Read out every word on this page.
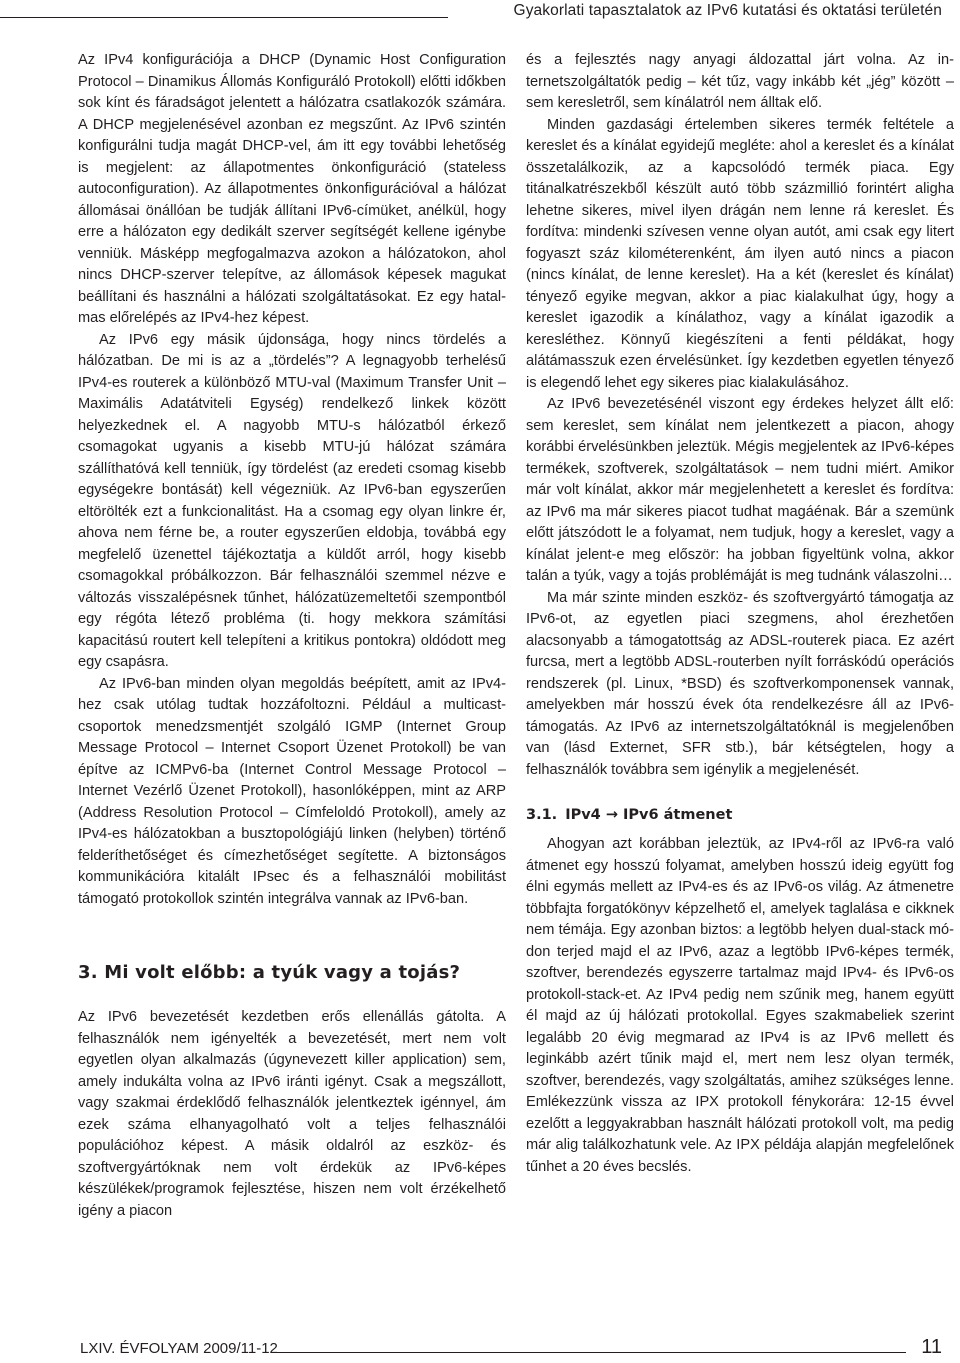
Gyakorlati tapasztalatok az IPv6 kutatási és oktatási területén

Az IPv4 konfigurációja a DHCP (Dynamic Host Configuration Protocol – Dinamikus Állomás Konfiguráló Protokoll) előtti időkben sok kínt és fáradságot jelentett a hálózatra csatlakozók számára. A DHCP megjelenésével azonban ez megszűnt. Az IPv6 szintén konfigurálni tudja magát DHCP-vel, ám itt egy további lehetőség is megjelent: az állapotmentes önkonfiguráció (stateless autoconfiguration). Az állapotmentes önkonfigurációval a hálózat állomásai önállóan be tudják állítani IPv6-címüket, anélkül, hogy erre a hálózaton egy dedikált szerver segítségét kellene igénybe venniük. Másképp megfogalmazva azokon a hálózatokon, ahol nincs DHCP-szerver telepítve, az állomások képesek magukat beállítani és használni a hálózati szolgáltatásokat. Ez egy hatalmas előrelépés az IPv4-hez képest.

Az IPv6 egy másik újdonsága, hogy nincs tördelés a hálózatban. De mi is az a „tördelés”? A legnagyobb terhelésű IPv4-es routerek a különböző MTU-val (Maximum Transfer Unit – Maximális Adatátviteli Egység) rendelkező linkek között helyezkednek el. A nagyobb MTU-s hálózatból érkező csomagokat ugyanis a kisebb MTU-jú hálózat számára szállíthatóvá kell tenniük, így tördelést (az eredeti csomag kisebb egységekre bontását) kell végezniük. Az IPv6-ban egyszerűen eltörölték ezt a funkcionalitást. Ha a csomag egy olyan linkre ér, ahova nem férne be, a router egyszerűen eldobja, továbbá egy megfelelő üzenettel tájékoztatja a küldőt arról, hogy kisebb csomagokkal próbálkozzon. Bár felhasználói szemmel nézve e változás visszalépésnek tűnhet, hálózatüzemeltetői szempontból egy régóta létező probléma (ti. hogy mekkora számítási kapacitású routert kell telepíteni a kritikus pontokra) oldódott meg egy csapásra.

Az IPv6-ban minden olyan megoldás beépített, amit az IPv4-hez csak utólag tudtak hozzáfoltozni. Például a multicast-csoportok menedzsmentjét szolgáló IGMP (Internet Group Message Protocol – Internet Csoport Üzenet Protokoll) be van építve az ICMPv6-ba (Internet Control Message Protocol – Internet Vezérlő Üzenet Protokoll), hasonlóképpen, mint az ARP (Address Resolution Protocol – Címfeloldó Protokoll), amely az IPv4-es hálózatokban a busztopológiájú linken (helyben) történő felderíthetőséget és címezhetőséget segítette. A biztonságos kommunikációra kitalált IPsec és a felhasználói mobilitást támogató protokollok szintén integrálva vannak az IPv6-ban.

3. Mi volt előbb: a tyúk vagy a tojás?

Az IPv6 bevezetését kezdetben erős ellenállás gátolta. A felhasználók nem igényelték a bevezetését, mert nem volt egyetlen olyan alkalmazás (úgynevezett killer application) sem, amely indukálta volna az IPv6 iránti igényt. Csak a megszállott, vagy szakmai érdeklődő felhasználók jelentkeztek igénnyel, ám ezek száma elhanyagolható volt a teljes felhasználói populációhoz képest. A másik oldalról az eszköz- és szoftvergyártóknak nem volt érdekük az IPv6-képes készülékek/programok fejlesztése, hiszen nem volt érzékelhető igény a piacon

és a fejlesztés nagy anyagi áldozattal járt volna. Az internetszolgáltatók pedig – két tűz, vagy inkább két „jég” között – sem keresletről, sem kínálatról nem álltak elő.

Minden gazdasági értelemben sikeres termék feltétele a kereslet és a kínálat egyidejű megléte: ahol a kereslet és a kínálat összetalálkozik, az a kapcsolódó termék piaca. Egy titánalkatrészekből készült autó több százmillió forintért aligha lehetne sikeres, mivel ilyen drágán nem lenne rá kereslet. És fordítva: mindenki szívesen venne olyan autót, ami csak egy litert fogyaszt száz kilométerenként, ám ilyen autó nincs a piacon (nincs kínálat, de lenne kereslet). Ha a két (kereslet és kínálat) tényező egyike megvan, akkor a piac kialakulhat úgy, hogy a kereslet igazodik a kínálathoz, vagy a kínálat igazodik a keresléthez. Könnyű kiegészíteni a fenti példákat, hogy alátámasszuk ezen érvelésünket. Így kezdetben egyetlen tényező is elegendő lehet egy sikeres piac kialakulásához.

Az IPv6 bevezetésénél viszont egy érdekes helyzet állt elő: sem kereslet, sem kínálat nem jelentkezett a piacon, ahogy korábbi érvelésünkben jeleztük. Mégis megjelentek az IPv6-képes termékek, szoftverek, szolgáltatások – nem tudni miért. Amikor már volt kínálat, akkor már megjelenhetett a kereslet és fordítva: az IPv6 ma már sikeres piacot tudhat magáénak. Bár a szemünk előtt játszódott le a folyamat, nem tudjuk, hogy a kereslet, vagy a kínálat jelent-e meg először: ha jobban figyeltünk volna, akkor talán a tyúk, vagy a tojás problémáját is meg tudnánk válaszolni…

Ma már szinte minden eszköz- és szoftvergyártó támogatja az IPv6-ot, az egyetlen piaci szegmens, ahol érezhetően alacsonyabb a támogatottság az ADSL-routerek piaca. Ez azért furcsa, mert a legtöbb ADSL-routerben nyílt forráskódú operációs rendszerek (pl. Linux, *BSD) és szoftverkomponensek vannak, amelyekben már hosszú évek óta rendelkezésre áll az IPv6-támogatás. Az IPv6 az internetszolgáltatóknál is megjelenőben van (lásd Externet, SFR stb.), bár kétségtelen, hogy a felhasználók továbbra sem igénylik a megjelenését.

3.1. IPv4 → IPv6 átmenet

Ahogyan azt korábban jeleztük, az IPv4-ről az IPv6-ra való átmenet egy hosszú folyamat, amelyben hosszú ideig együtt fog élni egymás mellett az IPv4-es és az IPv6-os világ. Az átmenetre többfajta forgatókönyv képzelhető el, amelyek taglalása e cikknek nem témája. Egy azonban biztos: a legtöbb helyen dual-stack módon terjed majd el az IPv6, azaz a legtöbb IPv6-képes termék, szoftver, berendezés egyszerre tartalmaz majd IPv4- és IPv6-os protokoll-stack-et. Az IPv4 pedig nem szűnik meg, hanem együtt él majd az új hálózati protokollal. Egyes szakmabeliek szerint legalább 20 évig megmarad az IPv4 is az IPv6 mellett és leginkább azért tűnik majd el, mert nem lesz olyan termék, szoftver, berendezés, vagy szolgáltatás, amihez szükséges lenne. Emlékezzünk vissza az IPX protokoll fénykorára: 12-15 évvel ezelőtt a leggyakrabban használt hálózati protokoll volt, ma pedig már alig találkozhatunk vele. Az IPX példája alapján megfelelőnek tűnhet a 20 éves becslés.

LXIV. ÉVFOLYAM 2009/11-12	11
